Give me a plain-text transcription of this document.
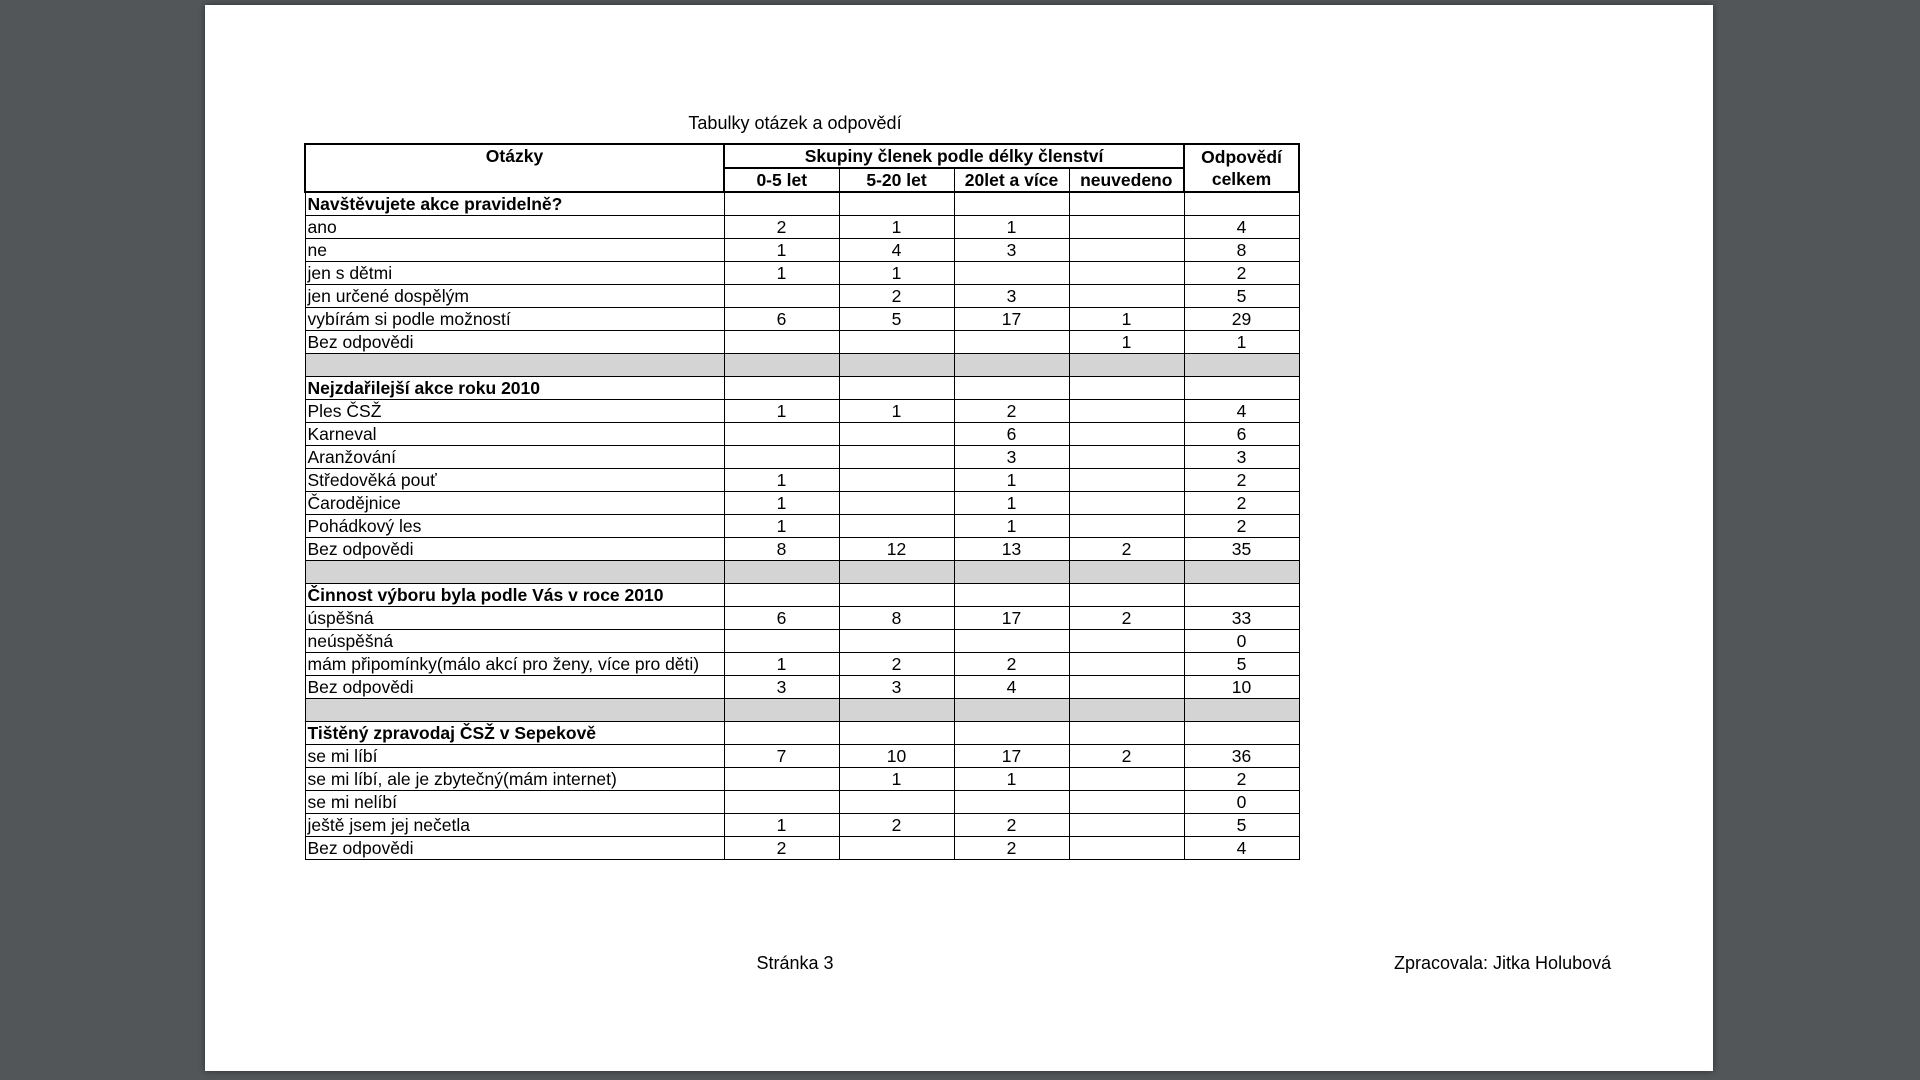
Tabulky otázek a odpovědí
Otázky	Skupiny členek podle délky členství				Odpovědí celkem
	0-5 let	5-20 let	20let a více	neuvedeno	
Navštěvujete akce pravidelně?					
ano	2	1	1		4
ne	1	4	3		8
jen s dětmi	1	1			2
jen určené dospělým		2	3		5
vybírám si podle možností	6	5	17	1	29
Bez odpovědi				1	1

Nejzdařilejší akce roku 2010					
Ples ČSŽ	1	1	2		4
Karneval			6		6
Aranžování			3		3
Středověká pouť	1		1		2
Čarodějnice	1		1		2
Pohádkový les	1		1		2
Bez odpovědi	8	12	13	2	35

Činnost výboru byla podle Vás v roce 2010					
úspěšná	6	8	17	2	33
neúspěšná					0
mám připomínky(málo akcí pro ženy, více pro děti)	1	2	2		5
Bez odpovědi	3	3	4		10

Tištěný zpravodaj ČSŽ v Sepekově					
se mi líbí	7	10	17	2	36
se mi líbí, ale je zbytečný(mám internet)		1	1		2
se mi nelíbí					0
ještě jsem jej nečetla	1	2	2		5
Bez odpovědi	2		2		4
Stránka 3	Zpracovala: Jitka Holubová
